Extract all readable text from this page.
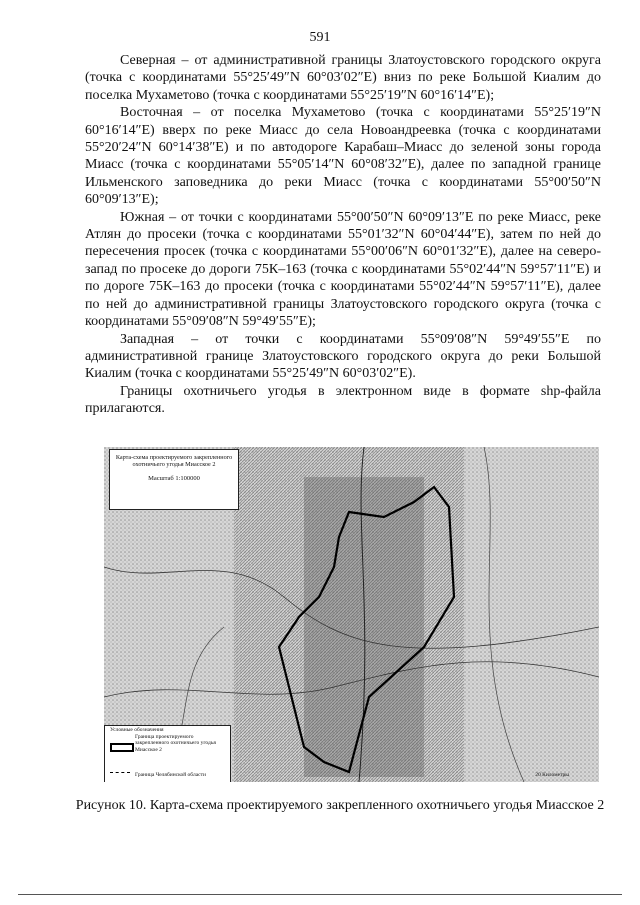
591

Северная – от административной границы Златоустовского городского округа (точка с координатами 55°25′49″N 60°03′02″E) вниз по реке Большой Киалим до поселка Мухаметово (точка с координатами 55°25′19″N 60°16′14″E);

Восточная – от поселка Мухаметово (точка с координатами 55°25′19″N 60°16′14″E) вверх по реке Миасс до села Новоандреевка (точка с координатами 55°20′24″N 60°14′38″E) и по автодороге Карабаш–Миасс до зеленой зоны города Миасс (точка с координатами 55°05′14″N 60°08′32″E), далее по западной границе Ильменского заповедника до реки Миасс (точка с координатами 55°00′50″N 60°09′13″E);

Южная – от точки с координатами 55°00′50″N 60°09′13″E по реке Миасс, реке Атлян до просеки (точка с координатами 55°01′32″N 60°04′44″E), затем по ней до пересечения просек (точка с координатами 55°00′06″N 60°01′32″E), далее на северо-запад по просеке до дороги 75К–163 (точка с координатами 55°02′44″N 59°57′11″E) и по дороге 75К–163 до просеки (точка с координатами 55°02′44″N 59°57′11″E), далее по ней до административной границы Златоустовского городского округа (точка с координатами 55°09′08″N 59°49′55″E);

Западная – от точки с координатами 55°09′08″N 59°49′55″E по административной границе Златоустовского городского округа до реки Большой Киалим (точка с координатами 55°25′49″N 60°03′02″E).

Границы охотничьего угодья в электронном виде в формате shp-файла прилагаются.

Карта-схема проектируемого закрепленного охотничьего угодья Миасское 2
Масштаб 1:100000
Условные обозначения
Граница проектируемого закрепленного охотничьего угодья Миасское 2
Граница Челябинской области	20 Километры
Рисунок 10. Карта-схема проектируемого закрепленного охотничьего угодья Миасское 2
